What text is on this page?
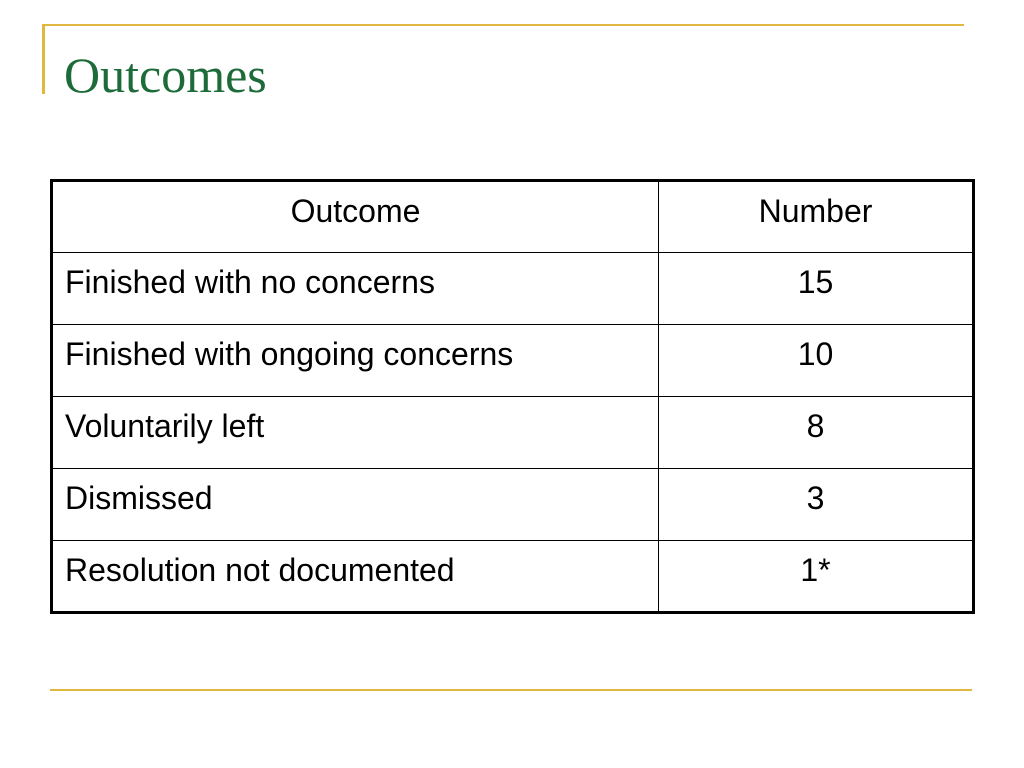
Outcomes
Outcome	Number
Finished with no concerns	15
Finished with ongoing concerns	10
Voluntarily left	8
Dismissed	3
Resolution not documented	1*
